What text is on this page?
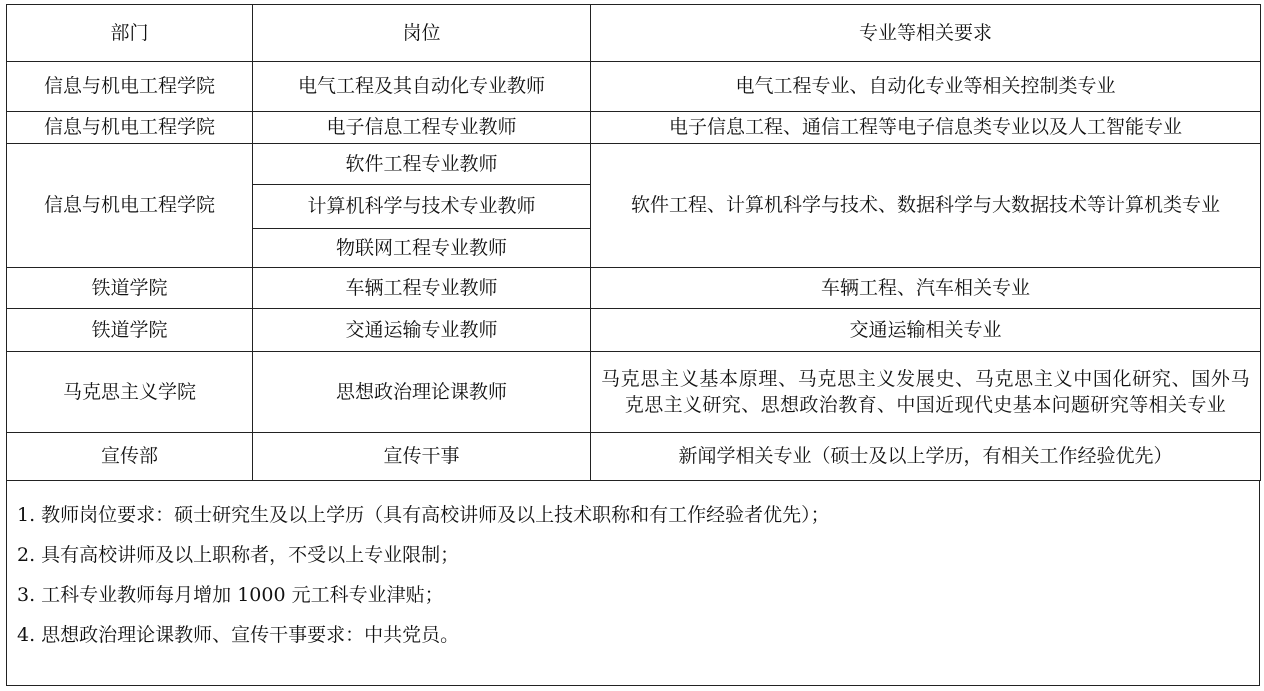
部门	岗位	专业等相关要求
信息与机电工程学院	电气工程及其自动化专业教师	电气工程专业、自动化专业等相关控制类专业
信息与机电工程学院	电子信息工程专业教师	电子信息工程、通信工程等电子信息类专业以及人工智能专业
信息与机电工程学院	软件工程专业教师	软件工程、计算机科学与技术、数据科学与大数据技术等计算机类专业
	计算机科学与技术专业教师	
	物联网工程专业教师	
铁道学院	车辆工程专业教师	车辆工程、汽车相关专业
铁道学院	交通运输专业教师	交通运输相关专业
马克思主义学院	思想政治理论课教师	马克思主义基本原理、马克思主义发展史、马克思主义中国化研究、国外马克思主义研究、思想政治教育、中国近现代史基本问题研究等相关专业
宣传部	宣传干事	新闻学相关专业（硕士及以上学历，有相关工作经验优先）
1. 教师岗位要求：硕士研究生及以上学历（具有高校讲师及以上技术职称和有工作经验者优先）；
2. 具有高校讲师及以上职称者，不受以上专业限制；
3. 工科专业教师每月增加 1000 元工科专业津贴；
4. 思想政治理论课教师、宣传干事要求：中共党员。
